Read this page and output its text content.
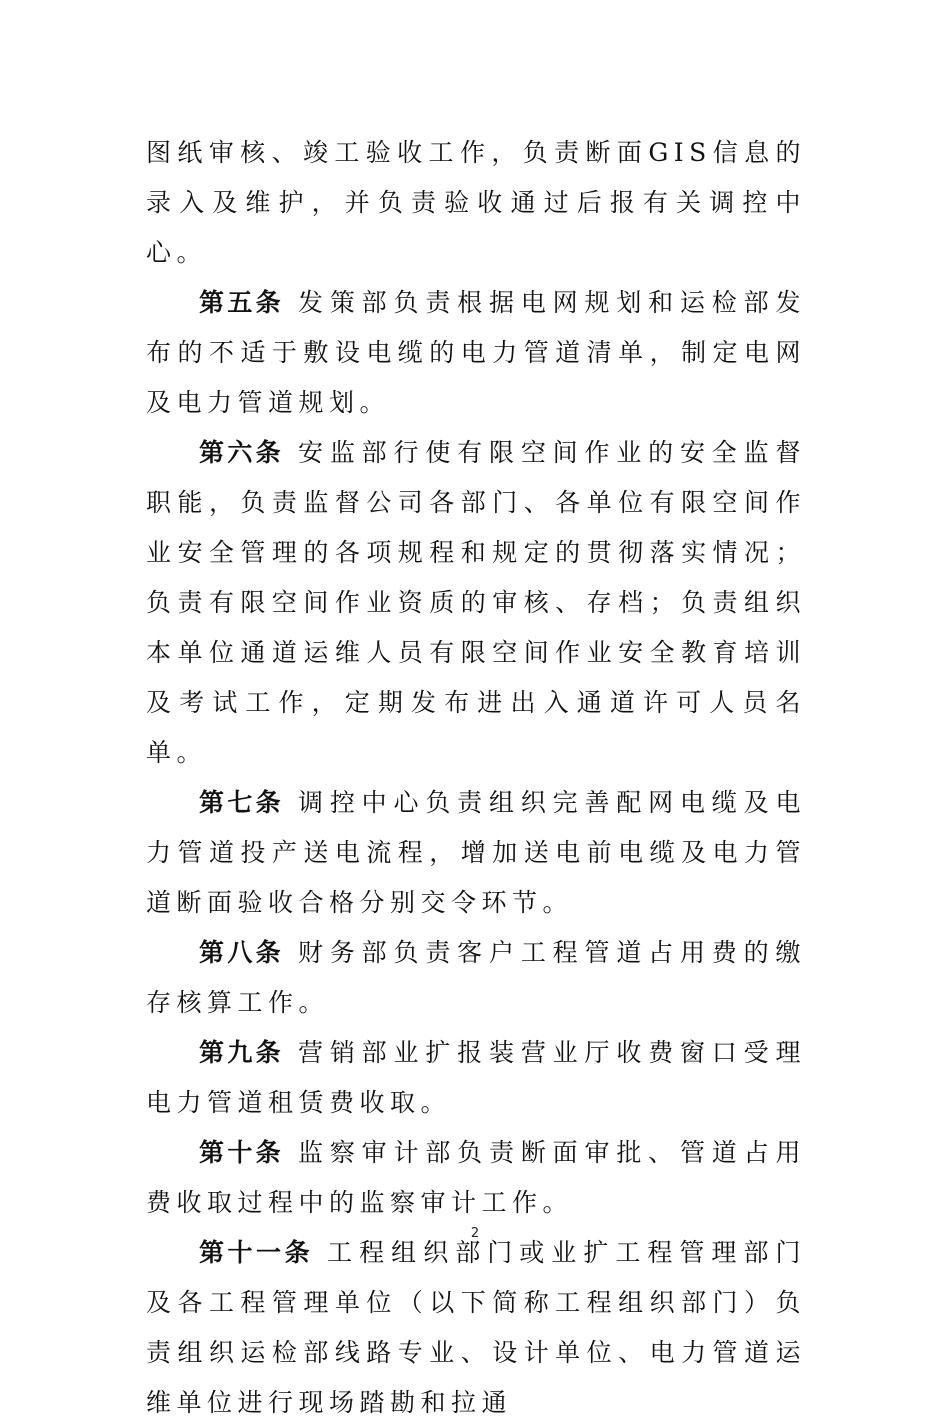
图纸审核、竣工验收工作，负责断面GIS信息的录入及维护，并负责验收通过后报有关调控中心。

第五条 发策部负责根据电网规划和运检部发布的不适于敷设电缆的电力管道清单，制定电网及电力管道规划。

第六条 安监部行使有限空间作业的安全监督职能，负责监督公司各部门、各单位有限空间作业安全管理的各项规程和规定的贯彻落实情况；负责有限空间作业资质的审核、存档；负责组织本单位通道运维人员有限空间作业安全教育培训及考试工作，定期发布进出入通道许可人员名单。

第七条 调控中心负责组织完善配网电缆及电力管道投产送电流程，增加送电前电缆及电力管道断面验收合格分别交令环节。

第八条 财务部负责客户工程管道占用费的缴存核算工作。

第九条 营销部业扩报装营业厅收费窗口受理电力管道租赁费收取。

第十条 监察审计部负责断面审批、管道占用费收取过程中的监察审计工作。

第十一条 工程组织部门或业扩工程管理部门及各工程管理单位（以下简称工程组织部门）负责组织运检部线路专业、设计单位、电力管道运维单位进行现场踏勘和拉通

2
